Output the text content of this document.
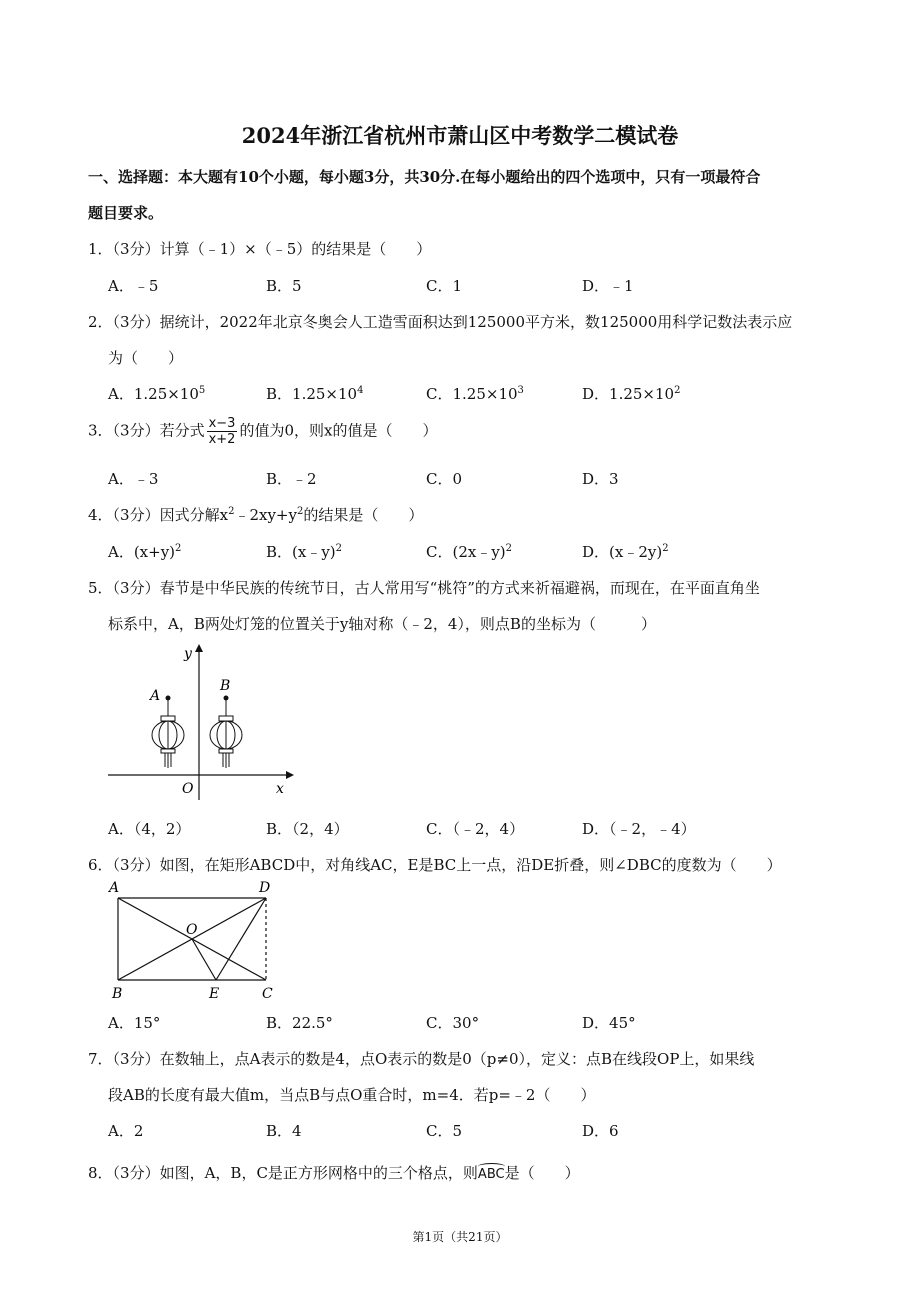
2024年浙江省杭州市萧山区中考数学二模试卷
一、选择题：本大题有10个小题，每小题3分，共30分.在每小题给出的四个选项中，只有一项最符合
题目要求。
1．（3分）计算（﹣1）×（﹣5）的结果是（　　）
A．﹣5	B．5	C．1	D．﹣1
2．（3分）据统计，2022年北京冬奥会人工造雪面积达到125000平方米，数125000用科学记数法表示应
为（　　）
A．$1.25\times 10^5$	B．$1.25\times 10^4$	C．$1.25\times 10^3$	D．$1.25\times 10^2$
3．（3分）若分式 $\frac{x-3}{x+2}$ 的值为0，则x的值是（　　）
A．﹣3	B．﹣2	C．0	D．3
4．（3分）因式分解$x^2﹣2xy+y^2$的结果是（　　）
A．$(x+y)^2$	B．(x﹣y)$^2$	C．(2x﹣y)$^2$	D．(x﹣2y)$^2$
5．（3分）春节是中华民族的传统节日，古人常用写“桃符”的方式来祈福避祸，而现在，在平面直角坐
标系中，A，B两处灯笼的位置关于y轴对称（﹣2，4），则点B的坐标为（　　　）
y
x
O
A
B
A．（4，2）	B．（2，4）	C．（﹣2，4）	D．（﹣2，﹣4）
6．（3分）如图，在矩形ABCD中，对角线AC，E是BC上一点，沿DE折叠，则∠DBC的度数为（　　）
A	D
B	E	C
O
A．15°	B．22.5°	C．30°	D．45°
7．（3分）在数轴上，点A表示的数是4，点O表示的数是0（p≠0），定义：点B在线段OP上，如果线
段AB的长度有最大值m，当点B与点O重合时，m=4．若p=﹣2（　　）
A．2	B．4	C．5	D．6
8．（3分）如图，A，B，C是正方形网格中的三个格点，则ABC是（　　）
第1页（共21页）
